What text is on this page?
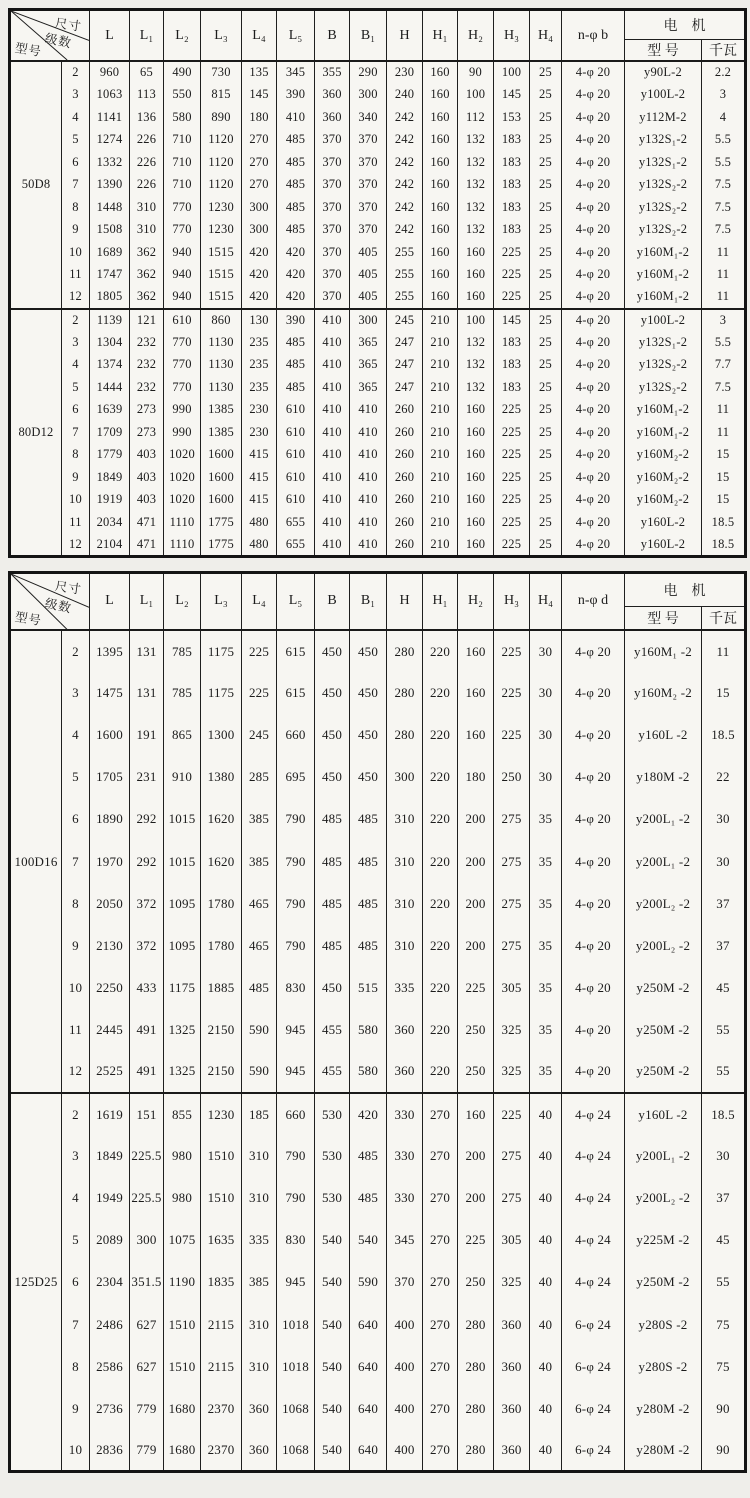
尺寸
级数
型号		L	L₁	L₂	L₃	L₄	L₅	B	B₁	H	H₁	H₂	H₃	H₄	n-φ b	电　机	
																型 号	千瓦
50D8	2	960	65	490	730	135	345	355	290	230	160	90	100	25	4-φ 20	y90L-2	2.2
	3	1063	113	550	815	145	390	360	300	240	160	100	145	25	4-φ 20	y100L-2	3
	4	1141	136	580	890	180	410	360	340	242	160	112	153	25	4-φ 20	y112M-2	4
	5	1274	226	710	1120	270	485	370	370	242	160	132	183	25	4-φ 20	y132S₁-2	5.5
	6	1332	226	710	1120	270	485	370	370	242	160	132	183	25	4-φ 20	y132S₁-2	5.5
	7	1390	226	710	1120	270	485	370	370	242	160	132	183	25	4-φ 20	y132S₂-2	7.5
	8	1448	310	770	1230	300	485	370	370	242	160	132	183	25	4-φ 20	y132S₂-2	7.5
	9	1508	310	770	1230	300	485	370	370	242	160	132	183	25	4-φ 20	y132S₂-2	7.5
	10	1689	362	940	1515	420	420	370	405	255	160	160	225	25	4-φ 20	y160M₁-2	11
	11	1747	362	940	1515	420	420	370	405	255	160	160	225	25	4-φ 20	y160M₁-2	11
	12	1805	362	940	1515	420	420	370	405	255	160	160	225	25	4-φ 20	y160M₁-2	11
80D12	2	1139	121	610	860	130	390	410	300	245	210	100	145	25	4-φ 20	y100L-2	3
	3	1304	232	770	1130	235	485	410	365	247	210	132	183	25	4-φ 20	y132S₁-2	5.5
	4	1374	232	770	1130	235	485	410	365	247	210	132	183	25	4-φ 20	y132S₂-2	7.7
	5	1444	232	770	1130	235	485	410	365	247	210	132	183	25	4-φ 20	y132S₂-2	7.5
	6	1639	273	990	1385	230	610	410	410	260	210	160	225	25	4-φ 20	y160M₁-2	11
	7	1709	273	990	1385	230	610	410	410	260	210	160	225	25	4-φ 20	y160M₁-2	11
	8	1779	403	1020	1600	415	610	410	410	260	210	160	225	25	4-φ 20	y160M₂-2	15
	9	1849	403	1020	1600	415	610	410	410	260	210	160	225	25	4-φ 20	y160M₂-2	15
	10	1919	403	1020	1600	415	610	410	410	260	210	160	225	25	4-φ 20	y160M₂-2	15
	11	2034	471	1110	1775	480	655	410	410	260	210	160	225	25	4-φ 20	y160L-2	18.5
	12	2104	471	1110	1775	480	655	410	410	260	210	160	225	25	4-φ 20	y160L-2	18.5
尺寸
级数
型号		L	L₁	L₂	L₃	L₄	L₅	B	B₁	H	H₁	H₂	H₃	H₄	n-φ d	电　机	
																型 号	千瓦
100D16	2	1395	131	785	1175	225	615	450	450	280	220	160	225	30	4-φ 20	y160M₁ -2	11
	3	1475	131	785	1175	225	615	450	450	280	220	160	225	30	4-φ 20	y160M₂ -2	15
	4	1600	191	865	1300	245	660	450	450	280	220	160	225	30	4-φ 20	y160L -2	18.5
	5	1705	231	910	1380	285	695	450	450	300	220	180	250	30	4-φ 20	y180M -2	22
	6	1890	292	1015	1620	385	790	485	485	310	220	200	275	35	4-φ 20	y200L₁ -2	30
	7	1970	292	1015	1620	385	790	485	485	310	220	200	275	35	4-φ 20	y200L₁ -2	30
	8	2050	372	1095	1780	465	790	485	485	310	220	200	275	35	4-φ 20	y200L₂ -2	37
	9	2130	372	1095	1780	465	790	485	485	310	220	200	275	35	4-φ 20	y200L₂ -2	37
	10	2250	433	1175	1885	485	830	450	515	335	220	225	305	35	4-φ 20	y250M -2	45
	11	2445	491	1325	2150	590	945	455	580	360	220	250	325	35	4-φ 20	y250M -2	55
	12	2525	491	1325	2150	590	945	455	580	360	220	250	325	35	4-φ 20	y250M -2	55
125D25	2	1619	151	855	1230	185	660	530	420	330	270	160	225	40	4-φ 24	y160L -2	18.5
	3	1849	225.5	980	1510	310	790	530	485	330	270	200	275	40	4-φ 24	y200L₁ -2	30
	4	1949	225.5	980	1510	310	790	530	485	330	270	200	275	40	4-φ 24	y200L₂ -2	37
	5	2089	300	1075	1635	335	830	540	540	345	270	225	305	40	4-φ 24	y225M -2	45
	6	2304	351.5	1190	1835	385	945	540	590	370	270	250	325	40	4-φ 24	y250M -2	55
	7	2486	627	1510	2115	310	1018	540	640	400	270	280	360	40	6-φ 24	y280S -2	75
	8	2586	627	1510	2115	310	1018	540	640	400	270	280	360	40	6-φ 24	y280S -2	75
	9	2736	779	1680	2370	360	1068	540	640	400	270	280	360	40	6-φ 24	y280M -2	90
	10	2836	779	1680	2370	360	1068	540	640	400	270	280	360	40	6-φ 24	y280M -2	90
